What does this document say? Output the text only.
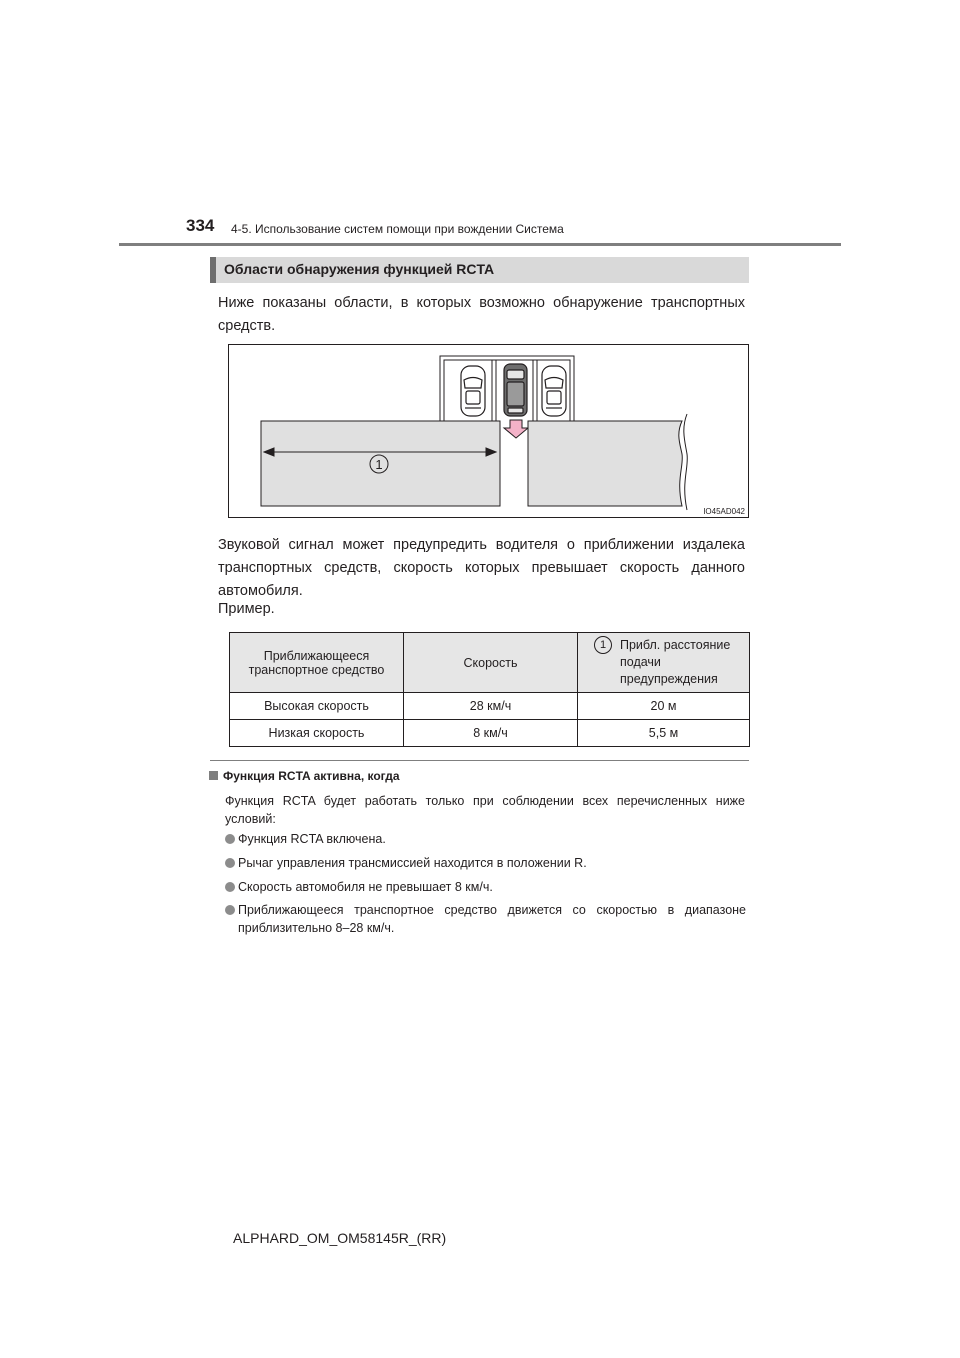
334 4-5. Использование систем помощи при вождении Система
Области обнаружения функцией RCTA
Ниже показаны области, в которых возможно обнаружение транспортных средств.
1
IO45AD042
Звуковой сигнал может предупредить водителя о приближении издалека транспортных средств, скорость которых превышает скорость данного автомобиля.
Пример.
Приближающееся транспортное средство	Скорость	1 Прибл. расстояние подачи предупреждения
Высокая скорость	28 км/ч	20 м
Низкая скорость	8 км/ч	5,5 м
Функция RCTA активна, когда
Функция RCTA будет работать только при соблюдении всех перечисленных ниже условий:
Функция RCTA включена.
Рычаг управления трансмиссией находится в положении R.
Скорость автомобиля не превышает 8 км/ч.
Приближающееся транспортное средство движется со скоростью в диапазоне приблизительно 8–28 км/ч.
ALPHARD_OM_OM58145R_(RR)
